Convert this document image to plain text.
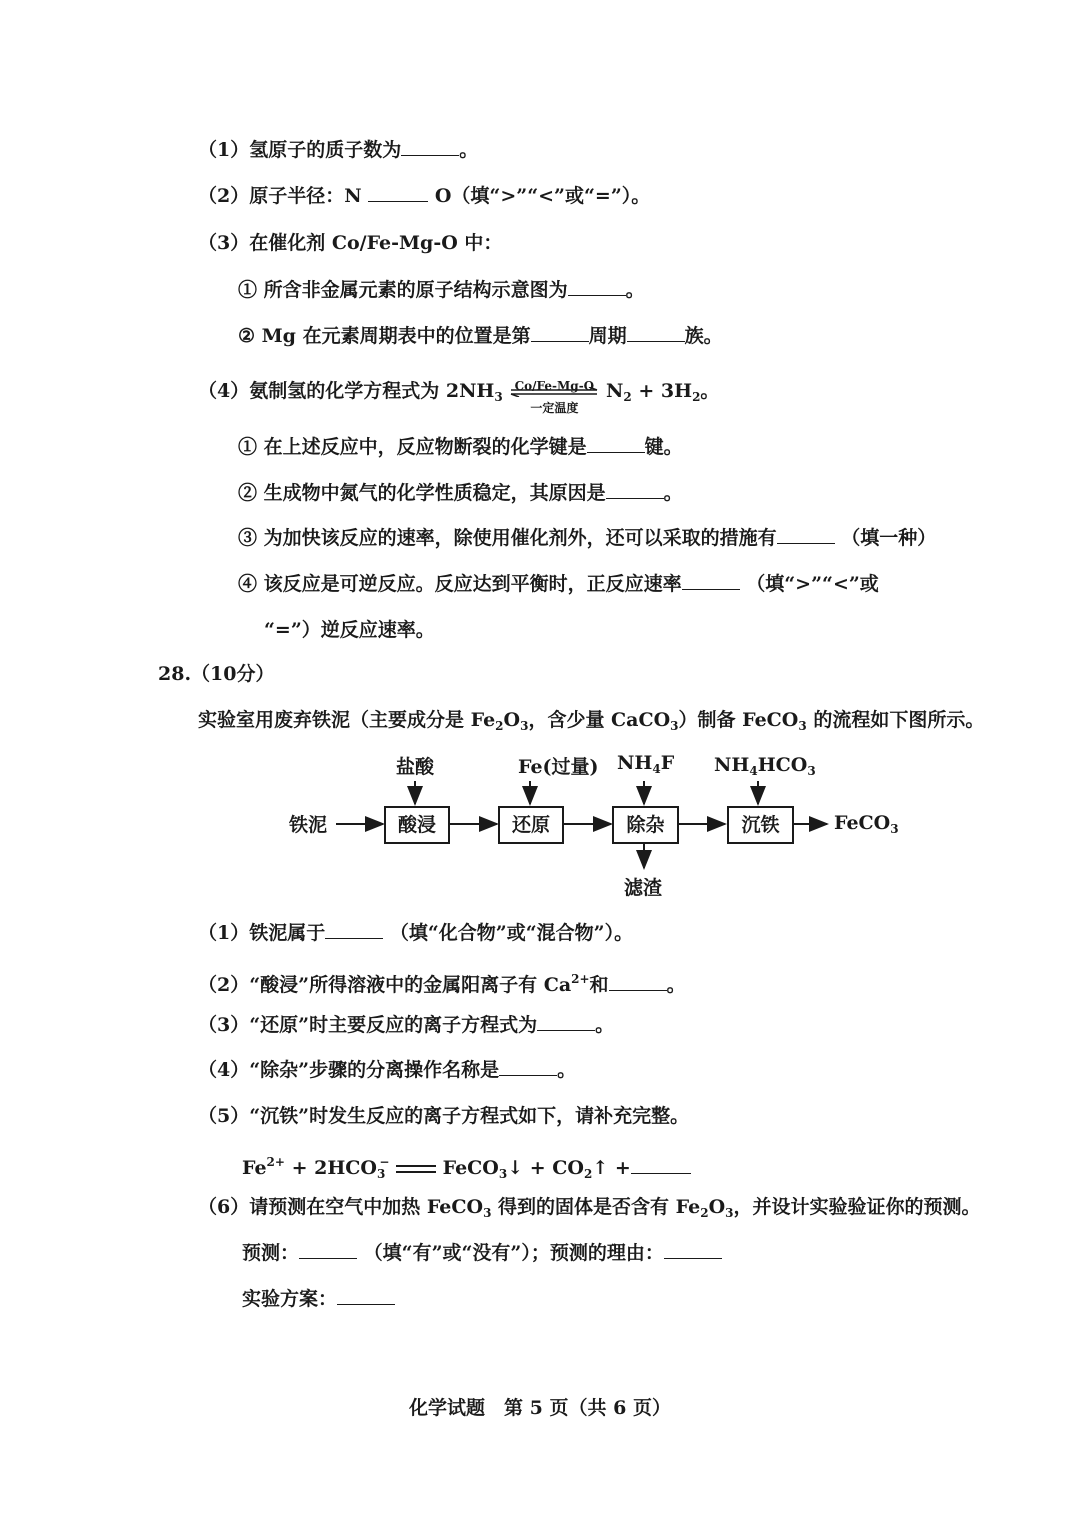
（1）氢原子的质子数为	。
（2）原子半径：N	O（填“>”“<”或“=”）。
（3）在催化剂 Co/Fe-Mg-O 中：
① 所含非金属元素的原子结构示意图为	。
② Mg 在元素周期表中的位置是第	周期	族。
（4）氨制氢的化学方程式为 $2NH_3$
Co/Fe-Mg-O
一定温度
$N_2 + 3H_2$。
① 在上述反应中，反应物断裂的化学键是	键。
② 生成物中氮气的化学性质稳定，其原因是	。
③ 为加快该反应的速率，除使用催化剂外，还可以采取的措施有	（填一种）
④ 该反应是可逆反应。反应达到平衡时，正反应速率	（填“>”“<”或
“=”）逆反应速率。
28.（10分）
实验室用废弃铁泥（主要成分是 $Fe_2O_3$，含少量 CaCO$_3$）制备 FeCO$_3$ 的流程如下图所示。
铁泥	酸浸	还原	除杂	沉铁
盐酸	Fe(过量) $NH_4F$ $NH_4HCO_3$
FeCO$_3$
滤渣
（1）铁泥属于	（填“化合物”或“混合物”）。
（2）“酸浸”所得溶液中的金属阳离子有 $Ca^{2+}$和	。
（3）“还原”时主要反应的离子方程式为	。
（4）“除杂”步骤的分离操作名称是	。
（5）“沉铁”时发生反应的离子方程式如下，请补充完整。
$Fe^{2+} + 2HCO_3^-$	FeCO$_3$↓ + $CO_2↑$ +
（6）请预测在空气中加热 FeCO$_3$ 得到的固体是否含有 $Fe_2O_3$，并设计实验验证你的预测。
预测：	（填“有”或“没有”）；预测的理由：
实验方案：
化学试题　第 5 页（共 6 页）
